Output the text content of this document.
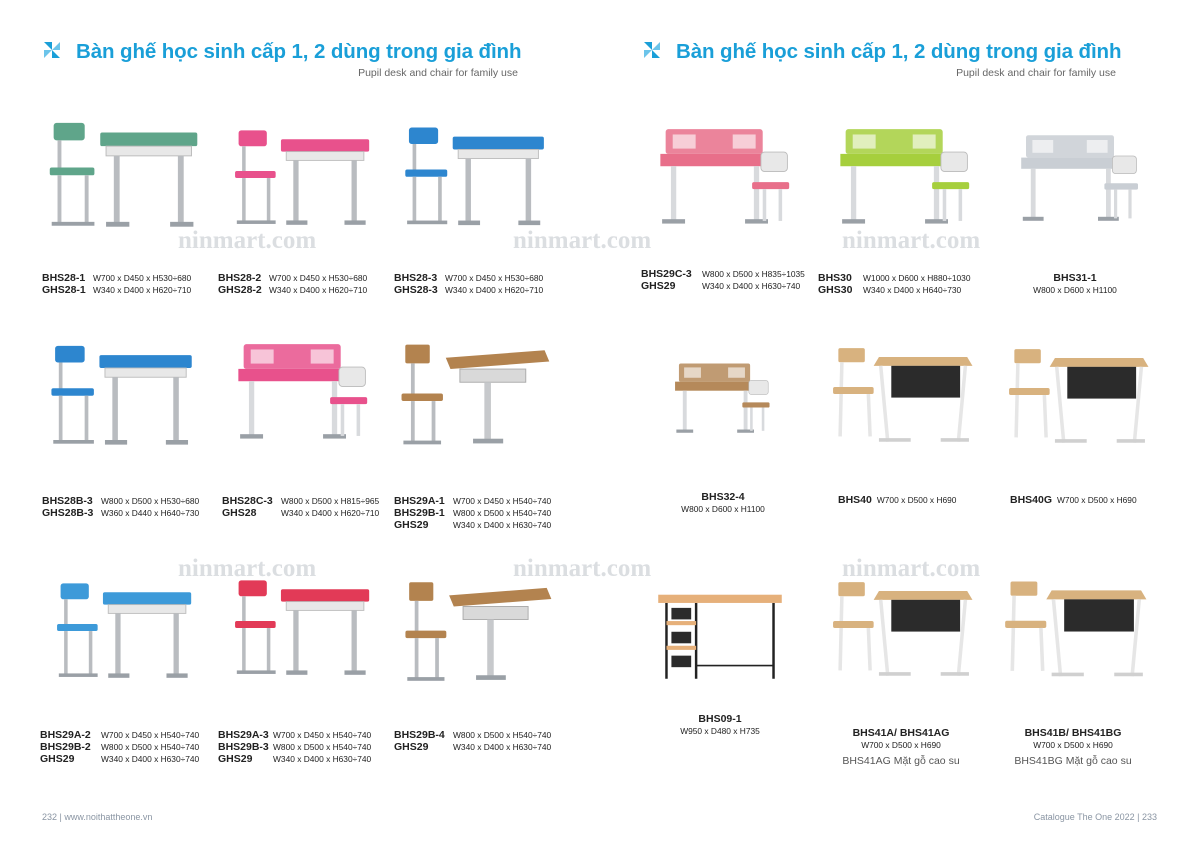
Bàn ghế học sinh cấp 1, 2 dùng trong gia đình
Pupil desk and chair for family use
ninmart.com
ninmart.com
BHS28-1 W700 x D450 x H530÷680
GHS28-1 W340 x D400 x H620÷710
BHS28-2 W700 x D450 x H530÷680
GHS28-2 W340 x D400 x H620÷710
BHS28-3 W700 x D450 x H530÷680
GHS28-3 W340 x D400 x H620÷710
BHS28B-3 W800 x D500 x H530÷680
GHS28B-3 W360 x D440 x H640÷730
BHS28C-3 W800 x D500 x H815÷965
GHS28	W340 x D400 x H620÷710
BHS29A-1 W700 x D450 x H540÷740
BHS29B-1 W800 x D500 x H540÷740
GHS29	W340 x D400 x H630÷740
BHS29A-2	W700 x D450 x H540÷740
BHS29B-2	W800 x D500 x H540÷740
GHS29	W340 x D400 x H630÷740
BHS29A-3 W700 x D450 x H540÷740
BHS29B-3 W800 x D500 x H540÷740
GHS29	W340 x D400 x H630÷740
BHS29B-4 W800 x D500 x H540÷740
GHS29	W340 x D400 x H630÷740
232 | www.noithattheone.vn
Bàn ghế học sinh cấp 1, 2 dùng trong gia đình
Pupil desk and chair for family use
ninmart.com	ninmart.com
ninmart.com	ninmart.com
BHS29C-3	W800 x D500 x H835÷1035
GHS29	W340 x D400 x H630÷740
BHS30	W1000 x D600 x H880÷1030
GHS30	W340 x D400 x H640÷730
BHS31-1
W800 x D600 x H1100
BHS32-4
W800 x D600 x H1100
BHS40 W700 x D500 x H690	BHS40G W700 x D500 x H690
BHS09-1
W950 x D480 x H735	BHS41A/ BHS41AG
W700 x D500 x H690
BHS41AG Mặt gỗ cao su
BHS41B/ BHS41BG
W700 x D500 x H690
BHS41BG Mặt gỗ cao su
Catalogue The One 2022 | 233
